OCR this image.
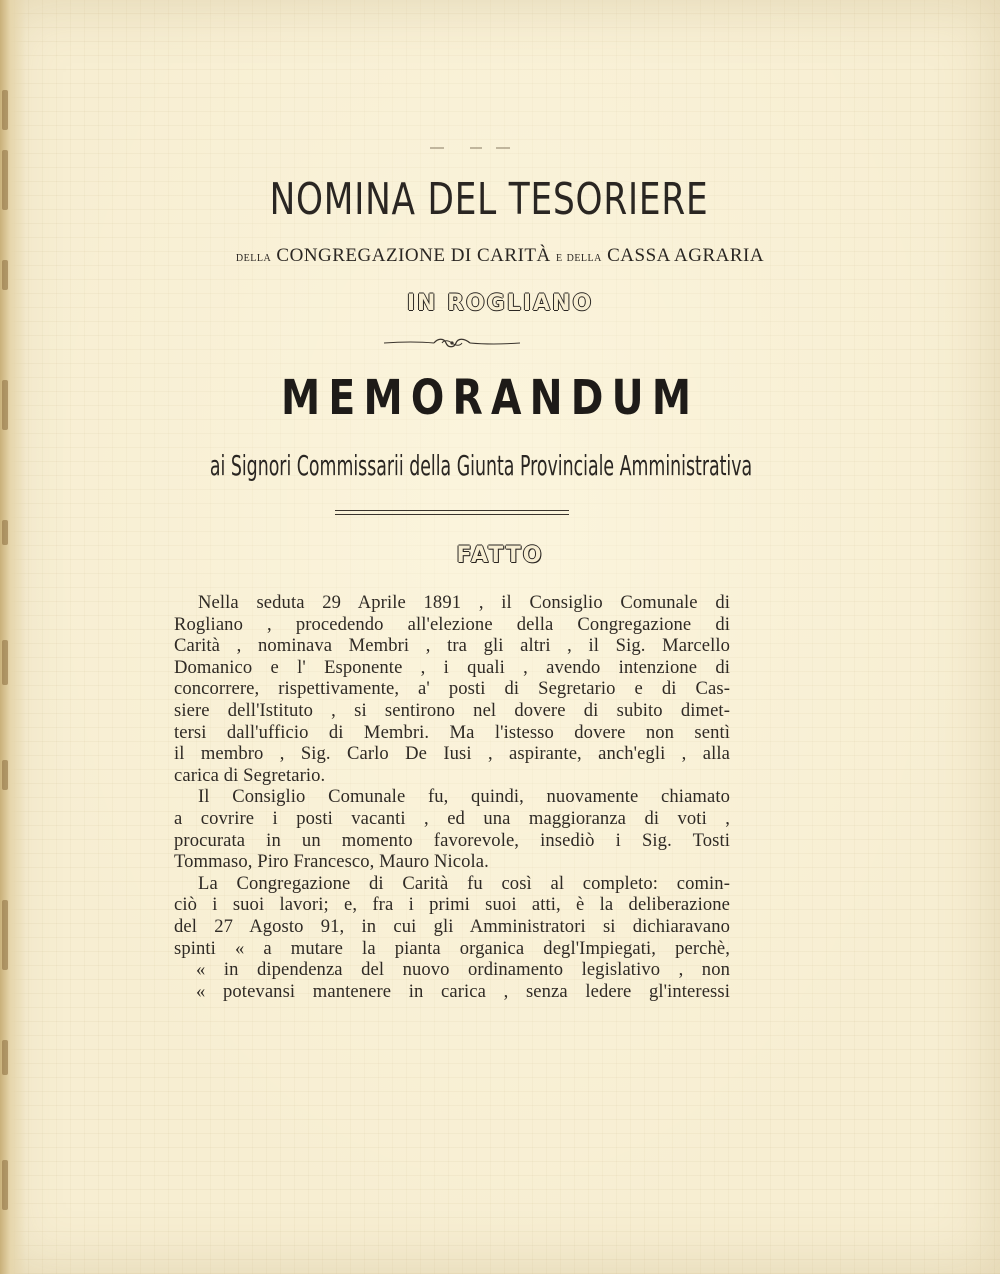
NOMINA DEL TESORIERE
della CONGREGAZIONE DI CARITÀ e della CASSA AGRARIA
IN ROGLIANO
MEMORANDUM
ai Signori Commissarii della Giunta Provinciale Amministrativa
FATTO
Nella seduta 29 Aprile 1891 , il Consiglio Comunale di
Rogliano , procedendo all'elezione della Congregazione di
Carità , nominava Membri , tra gli altri , il Sig. Marcello
Domanico e l' Esponente , i quali , avendo intenzione di
concorrere, rispettivamente, a' posti di Segretario e di Cas-
siere dell'Istituto , si sentirono nel dovere di subito dimet-
tersi dall'ufficio di Membri. Ma l'istesso dovere non sentì
il membro , Sig. Carlo De Iusi , aspirante, anch'egli , alla
carica di Segretario.
Il Consiglio Comunale fu, quindi, nuovamente chiamato
a covrire i posti vacanti , ed una maggioranza di voti ,
procurata in un momento favorevole, insediò i Sig. Tosti
Tommaso, Piro Francesco, Mauro Nicola.
La Congregazione di Carità fu così al completo: comin-
ciò i suoi lavori; e, fra i primi suoi atti, è la deliberazione
del 27 Agosto 91, in cui gli Amministratori si dichiaravano
spinti « a mutare la pianta organica degl'Impiegati, perchè,
« in dipendenza del nuovo ordinamento legislativo , non
« potevansi mantenere in carica , senza ledere gl'interessi
